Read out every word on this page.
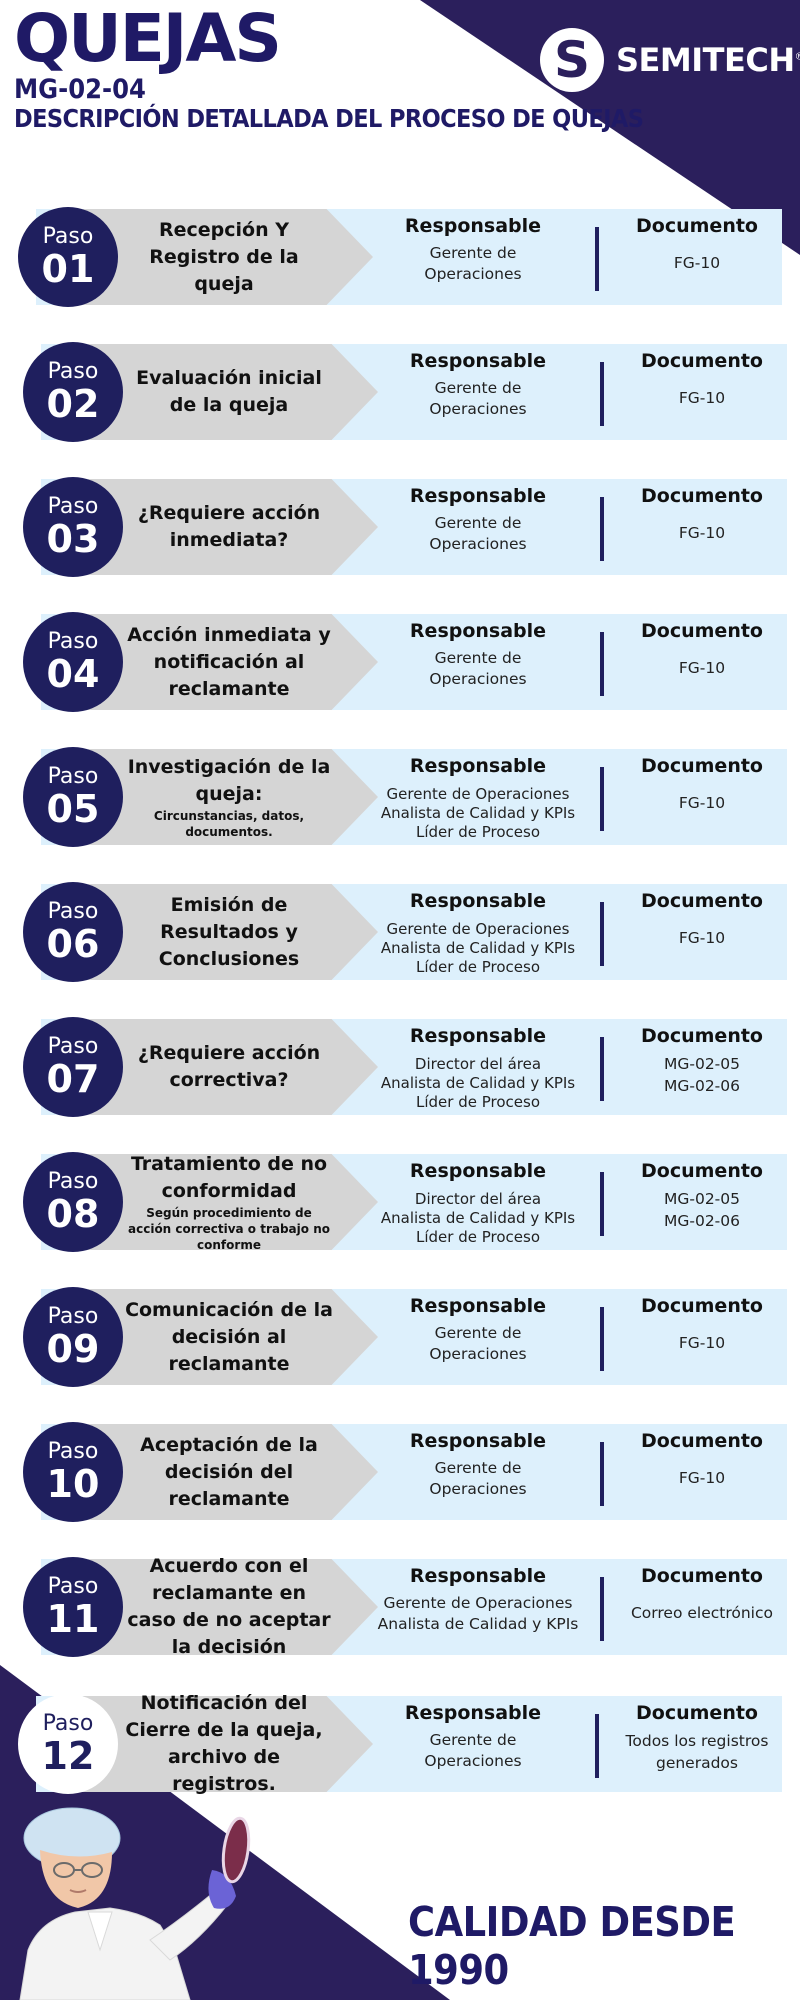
QUEJAS
MG-02-04
DESCRIPCIÓN DETALLADA DEL PROCESO DE QUEJAS
S SEMITECH®
Paso
01
Recepción Y Registro de la queja
Responsable
Gerente de
Operaciones
Documento
FG-10
Paso
02
Evaluación inicial de la queja
Responsable
Gerente de
Operaciones
Documento
FG-10
Paso
03
¿Requiere acción inmediata?
Responsable
Gerente de
Operaciones
Documento
FG-10
Paso
04
Acción inmediata y notificación al reclamante
Responsable
Gerente de
Operaciones
Documento
FG-10
Paso
05
Investigación de la queja:
Circunstancias, datos, documentos.
Responsable
Gerente de Operaciones
Analista de Calidad y KPIs
Líder de Proceso
Documento
FG-10
Paso
06
Emisión de Resultados y Conclusiones
Responsable
Gerente de Operaciones
Analista de Calidad y KPIs
Líder de Proceso
Documento
FG-10
Paso
07
¿Requiere acción correctiva?
Responsable
Director del área
Analista de Calidad y KPIs
Líder de Proceso
Documento
MG-02-05
MG-02-06
Paso
08
Tratamiento de no conformidad
Según procedimiento de acción correctiva o trabajo no conforme
Responsable
Director del área
Analista de Calidad y KPIs
Líder de Proceso
Documento
MG-02-05
MG-02-06
Paso
09
Comunicación de la decisión al reclamante
Responsable
Gerente de
Operaciones
Documento
FG-10
Paso
10
Aceptación de la decisión del reclamante
Responsable
Gerente de
Operaciones
Documento
FG-10
Paso
11
Acuerdo con el reclamante en caso de no aceptar la decisión
Responsable
Gerente de Operaciones
Analista de Calidad y KPIs
Documento
Correo electrónico
Paso
12
Notificación del Cierre de la queja, archivo de registros.
Responsable
Gerente de
Operaciones
Documento
Todos los registros
generados
CALIDAD DESDE 1990
